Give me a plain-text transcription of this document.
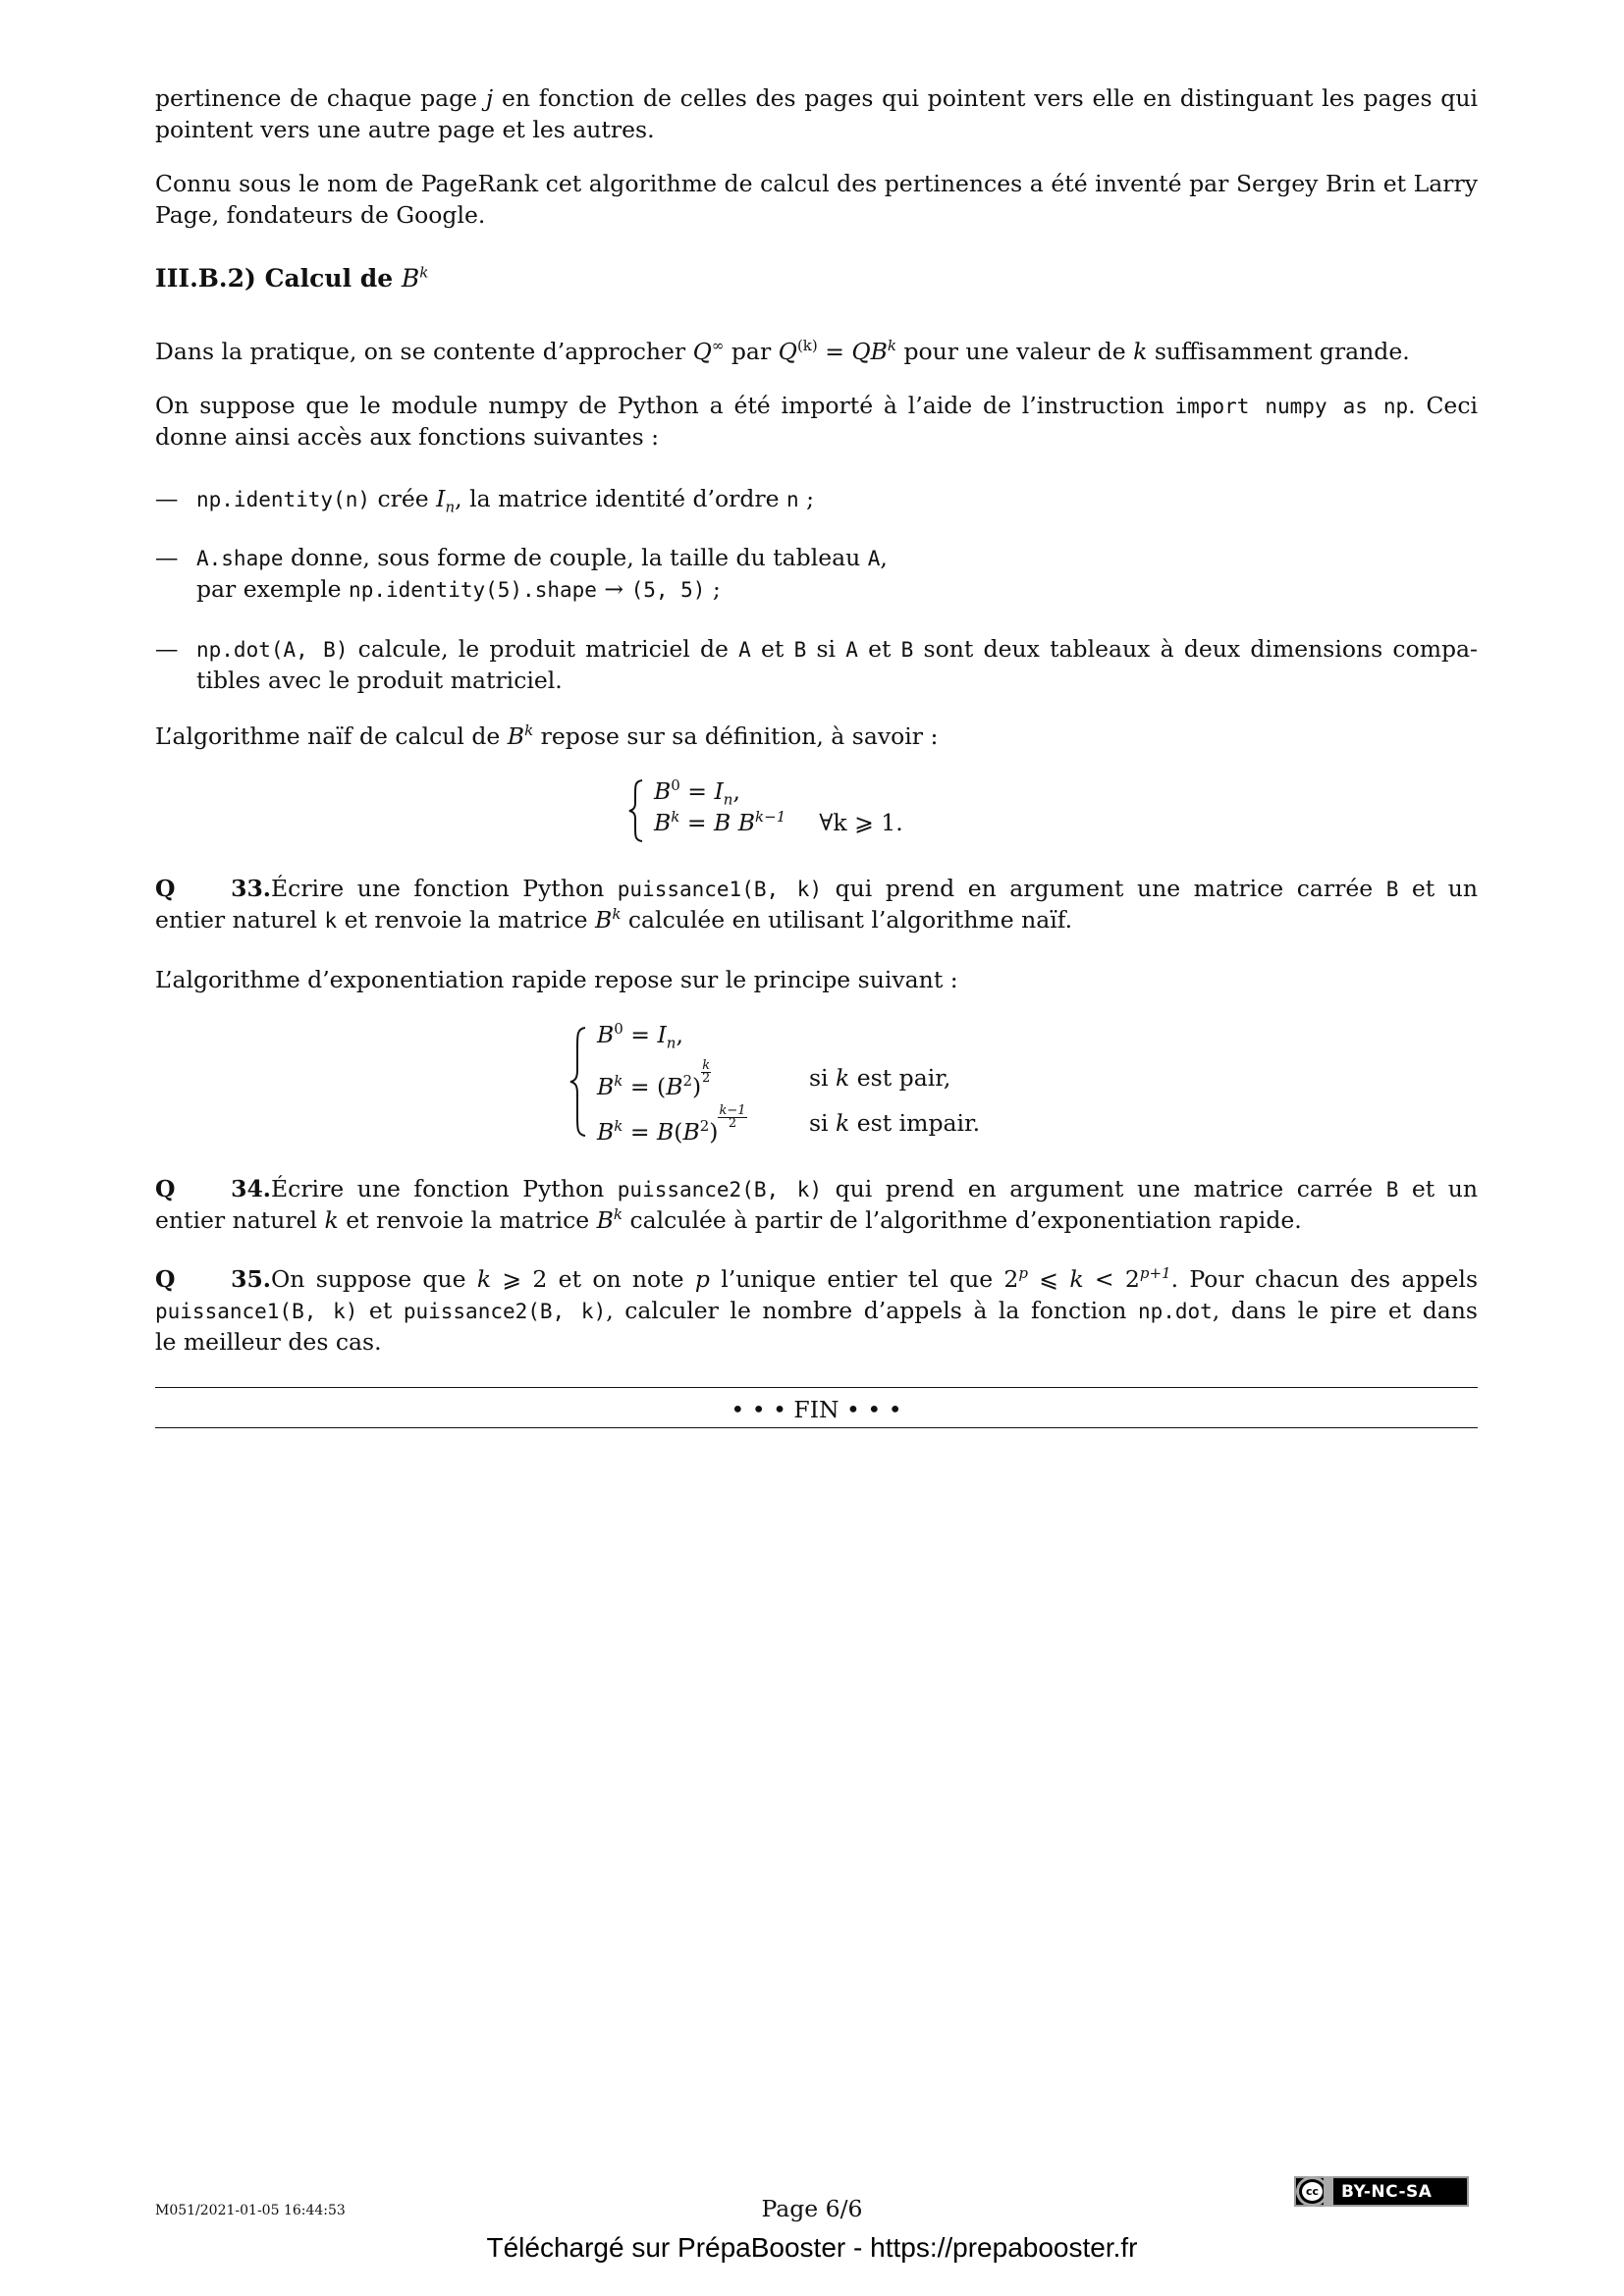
pertinence de chaque page j en fonction de celles des pages qui pointent vers elle en distinguant les pages qui
pointent vers une autre page et les autres.
Connu sous le nom de PageRank cet algorithme de calcul des pertinences a été inventé par Sergey Brin et Larry
Page, fondateurs de Google.
III.B.2) Calcul de $B^k$
Dans la pratique, on se contente d’approcher Q∞ par $Q^{(k)} = QB^k$ pour une valeur de k suffisamment grande.
On suppose que le module numpy de Python a été importé à l’aide de l’instruction import numpy as np. Ceci
donne ainsi accès aux fonctions suivantes :
— np.identity(n) crée $I_n$, la matrice identité d’ordre n ;
— A.shape donne, sous forme de couple, la taille du tableau A,
par exemple np.identity(5).shape → (5, 5) ;
— np.dot(A, B) calcule, le produit matriciel de A et B si A et B sont deux tableaux à deux dimensions compa-
tibles avec le produit matriciel.
L’algorithme naïf de calcul de $B^k$ repose sur sa définition, à savoir :
$B^0 = I_n$,
$B^k = B$ $B^{k-1}$ ∀k ⩾ 1.
Q 33.Écrire une fonction Python puissance1(B, k) qui prend en argument une matrice carrée B et un
entier naturel k et renvoie la matrice $B^k$ calculée en utilisant l’algorithme naïf.
L’algorithme d’exponentiation rapide repose sur le principe suivant :
$B^0 = I_n$,
$B^k = (B^2)$
$\frac{k}{2}$	si k est pair,
$B^k = B(B^2)$
$\frac{k-1}{2}$	si k est impair.
Q 34.Écrire une fonction Python puissance2(B, k) qui prend en argument une matrice carrée B et un
entier naturel k et renvoie la matrice $B^k$ calculée à partir de l’algorithme d’exponentiation rapide.
Q 35.On suppose que k ⩾ 2 et on note p l’unique entier tel que 2$^p$ ⩽ $k < 2^{p+1}$. Pour chacun des appels
puissance1(B, k) et puissance2(B, k), calculer le nombre d’appels à la fonction np.dot, dans le pire et dans
le meilleur des cas.
• • • FIN • • •
M051/2021-01-05 16:44:53	Page 6/6
cc	BY-NC-SA
Téléchargé sur PrépaBooster - https://prepabooster.fr
